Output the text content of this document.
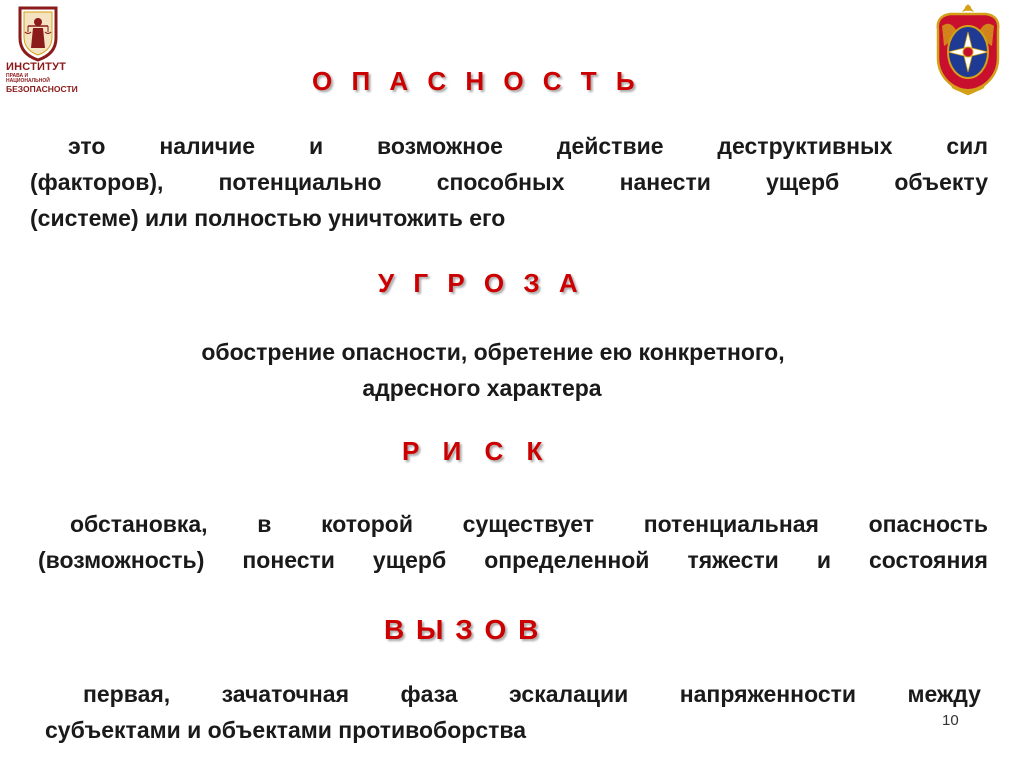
ИНСТИТУТ
ПРАВА И НАЦИОНАЛЬНОЙ
БЕЗОПАСНОСТИ	О П А С Н О С Т Ь
это наличие и возможное действие деструктивных сил
(факторов), потенциально способных нанести ущерб объекту
(системе) или полностью уничтожить его
У Г Р О З А
обострение опасности, обретение ею конкретного,
адресного характера
Р И С К
обстановка, в которой существует потенциальная опасность
(возможность) понести ущерб определенной тяжести и состояния
В Ы З О В
первая, зачаточная фаза эскалации напряженности между
субъектами и объектами противоборства	10
